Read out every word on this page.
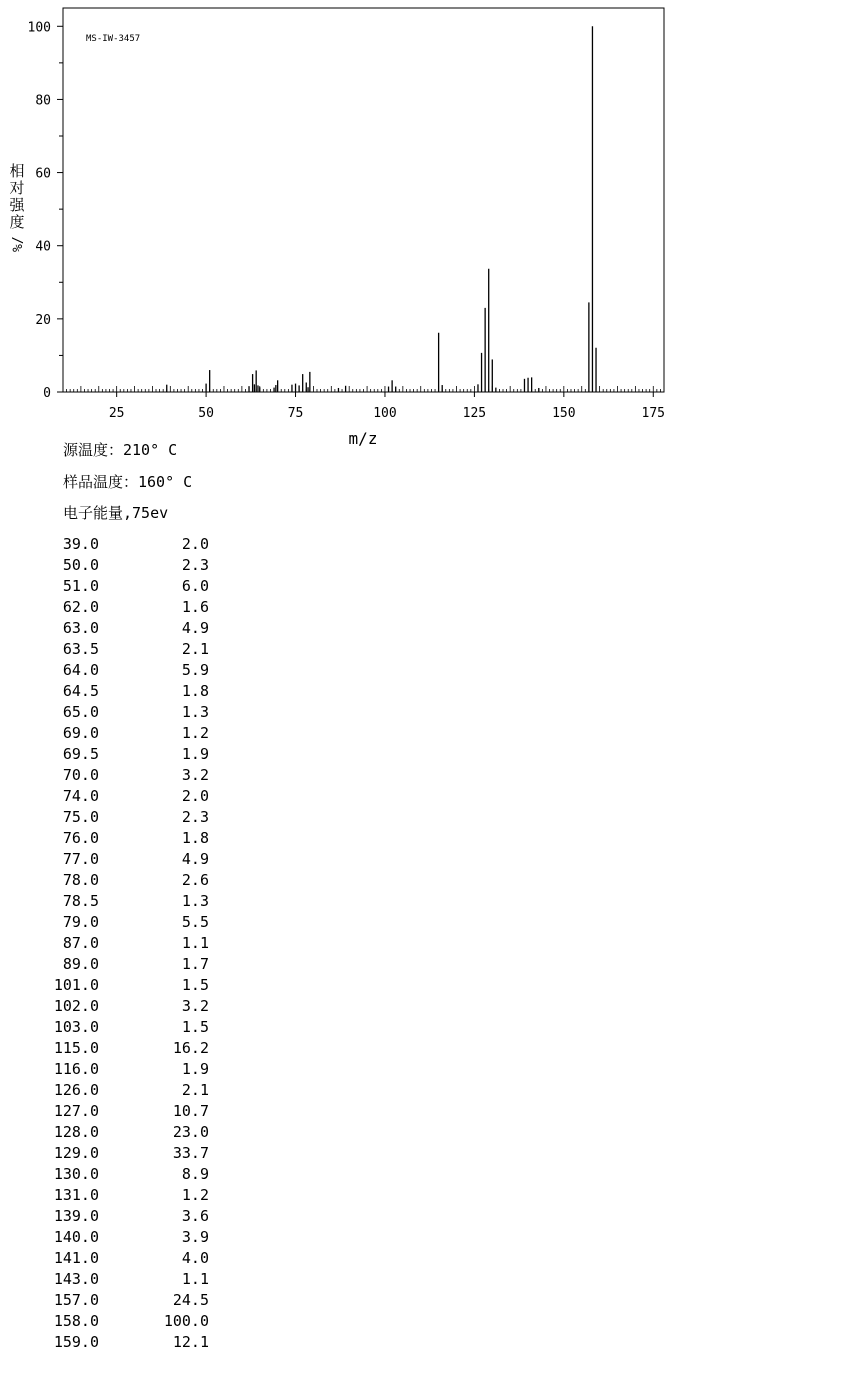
25	50	75	100	125	150	175
0
20
40
60
80
100
MS-IW-3457
m/z
相
对
强
度
%/
源温度：210° C
样品温度：160° C
电子能量,75ev
39.0	2.0
50.0	2.3
51.0	6.0
62.0	1.6
63.0	4.9
63.5	2.1
64.0	5.9
64.5	1.8
65.0	1.3
69.0	1.2
69.5	1.9
70.0	3.2
74.0	2.0
75.0	2.3
76.0	1.8
77.0	4.9
78.0	2.6
78.5	1.3
79.0	5.5
87.0	1.1
89.0	1.7
101.0	1.5
102.0	3.2
103.0	1.5
115.0	16.2
116.0	1.9
126.0	2.1
127.0	10.7
128.0	23.0
129.0	33.7
130.0	8.9
131.0	1.2
139.0	3.6
140.0	3.9
141.0	4.0
143.0	1.1
157.0	24.5
158.0	100.0
159.0	12.1
